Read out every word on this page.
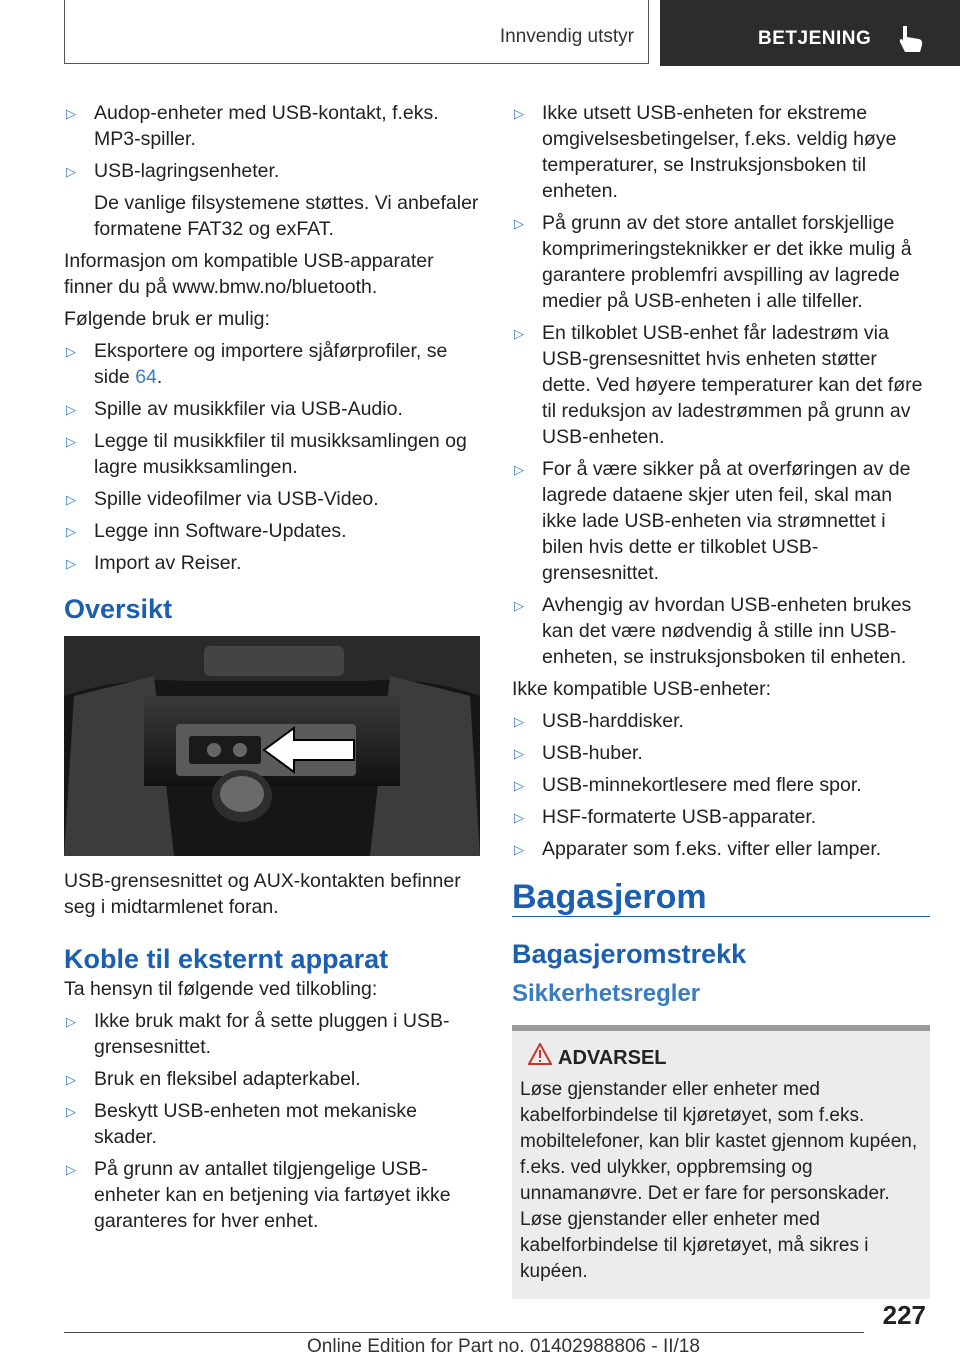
Innvendig utstyr	BETJENING
▷ Audop-enheter med USB-kontakt, f.eks. MP3-spiller.
▷ USB-lagringsenheter.

De vanlige filsystemene støttes. Vi anbefaler formatene FAT32 og exFAT.

Informasjon om kompatible USB-apparater finner du på www.bmw.no/bluetooth.

Følgende bruk er mulig:

▷ Eksportere og importere sjåførprofiler, se side 64.
▷ Spille av musikkfiler via USB-Audio.
▷ Legge til musikkfiler til musikksamlingen og lagre musikksamlingen.
▷ Spille videofilmer via USB-Video.
▷ Legge inn Software-Updates.
▷ Import av Reiser.
Oversikt

USB-grensesnittet og AUX-kontakten befinner seg i midtarmlenet foran.

Koble til eksternt apparat

Ta hensyn til følgende ved tilkobling:

▷ Ikke bruk makt for å sette pluggen i USB-grensesnittet.
▷ Bruk en fleksibel adapterkabel.
▷ Beskytt USB-enheten mot mekaniske skader.
▷ På grunn av antallet tilgjengelige USB-enheter kan en betjening via fartøyet ikke garanteres for hver enhet.
▷ Ikke utsett USB-enheten for ekstreme omgivelsesbetingelser, f.eks. veldig høye temperaturer, se Instruksjonsboken til enheten.
▷ På grunn av det store antallet forskjellige komprimeringsteknikker er det ikke mulig å garantere problemfri avspilling av lagrede medier på USB-enheten i alle tilfeller.
▷ En tilkoblet USB-enhet får ladestrøm via USB-grensesnittet hvis enheten støtter dette. Ved høyere temperaturer kan det føre til reduksjon av ladestrømmen på grunn av USB-enheten.
▷ For å være sikker på at overføringen av de lagrede dataene skjer uten feil, skal man ikke lade USB-enheten via strømnettet i bilen hvis dette er tilkoblet USB-grensesnittet.
▷ Avhengig av hvordan USB-enheten brukes kan det være nødvendig å stille inn USB-enheten, se instruksjonsboken til enheten.

Ikke kompatible USB-enheter:

▷ USB-harddisker.
▷ USB-huber.
▷ USB-minnekortlesere med flere spor.
▷ HSF-formaterte USB-apparater.
▷ Apparater som f.eks. vifter eller lamper.
Bagasjerom
Bagasjeromstrekk
Sikkerhetsregler
ADVARSEL
Løse gjenstander eller enheter med kabelforbindelse til kjøretøyet, som f.eks. mobiltelefoner, kan blir kastet gjennom kupéen, f.eks. ved ulykker, oppbremsing og unnamanøvre. Det er fare for personskader. Løse gjenstander eller enheter med kabelforbindelse til kjøretøyet, må sikres i kupéen.
227
Online Edition for Part no. 01402988806 - II/18
